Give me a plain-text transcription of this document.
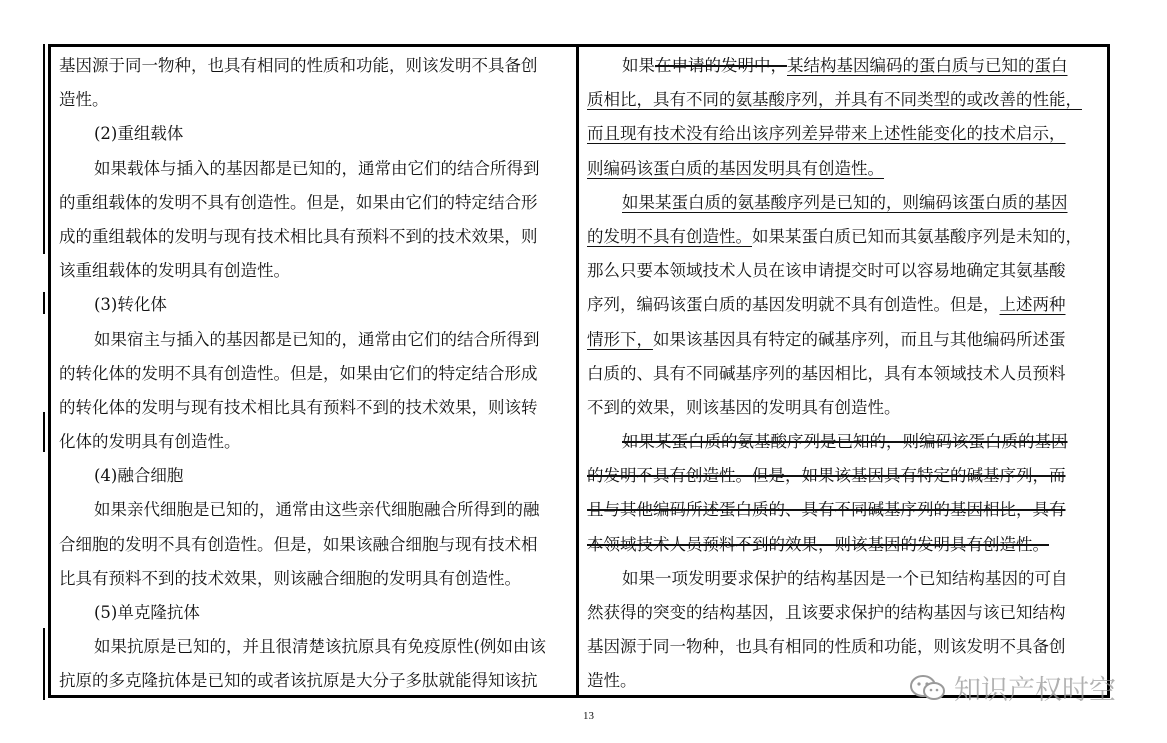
基因源于同一物种，也具有相同的性质和功能，则该发明不具备创
造性。
(2)重组载体
如果载体与插入的基因都是已知的，通常由它们的结合所得到
的重组载体的发明不具有创造性。但是，如果由它们的特定结合形
成的重组载体的发明与现有技术相比具有预料不到的技术效果，则
该重组载体的发明具有创造性。
(3)转化体
如果宿主与插入的基因都是已知的，通常由它们的结合所得到
的转化体的发明不具有创造性。但是，如果由它们的特定结合形成
的转化体的发明与现有技术相比具有预料不到的技术效果，则该转
化体的发明具有创造性。
(4)融合细胞
如果亲代细胞是已知的，通常由这些亲代细胞融合所得到的融
合细胞的发明不具有创造性。但是，如果该融合细胞与现有技术相
比具有预料不到的技术效果，则该融合细胞的发明具有创造性。
(5)单克隆抗体
如果抗原是已知的，并且很清楚该抗原具有免疫原性(例如由该
抗原的多克隆抗体是已知的或者该抗原是大分子多肽就能得知该抗
如果在申请的发明中，某结构基因编码的蛋白质与已知的蛋白
质相比，具有不同的氨基酸序列，并具有不同类型的或改善的性能，
而且现有技术没有给出该序列差异带来上述性能变化的技术启示，
则编码该蛋白质的基因发明具有创造性。
如果某蛋白质的氨基酸序列是已知的，则编码该蛋白质的基因
的发明不具有创造性。如果某蛋白质已知而其氨基酸序列是未知的，
那么只要本领域技术人员在该申请提交时可以容易地确定其氨基酸
序列，编码该蛋白质的基因发明就不具有创造性。但是，上述两种
情形下，如果该基因具有特定的碱基序列，而且与其他编码所述蛋
白质的、具有不同碱基序列的基因相比，具有本领域技术人员预料
不到的效果，则该基因的发明具有创造性。
如果某蛋白质的氨基酸序列是已知的，则编码该蛋白质的基因
的发明不具有创造性。但是，如果该基因具有特定的碱基序列，而
且与其他编码所述蛋白质的、具有不同碱基序列的基因相比，具有
本领域技术人员预料不到的效果，则该基因的发明具有创造性。
如果一项发明要求保护的结构基因是一个已知结构基因的可自
然获得的突变的结构基因，且该要求保护的结构基因与该已知结构
基因源于同一物种，也具有相同的性质和功能，则该发明不具备创
造性。
13
知识产权时空
